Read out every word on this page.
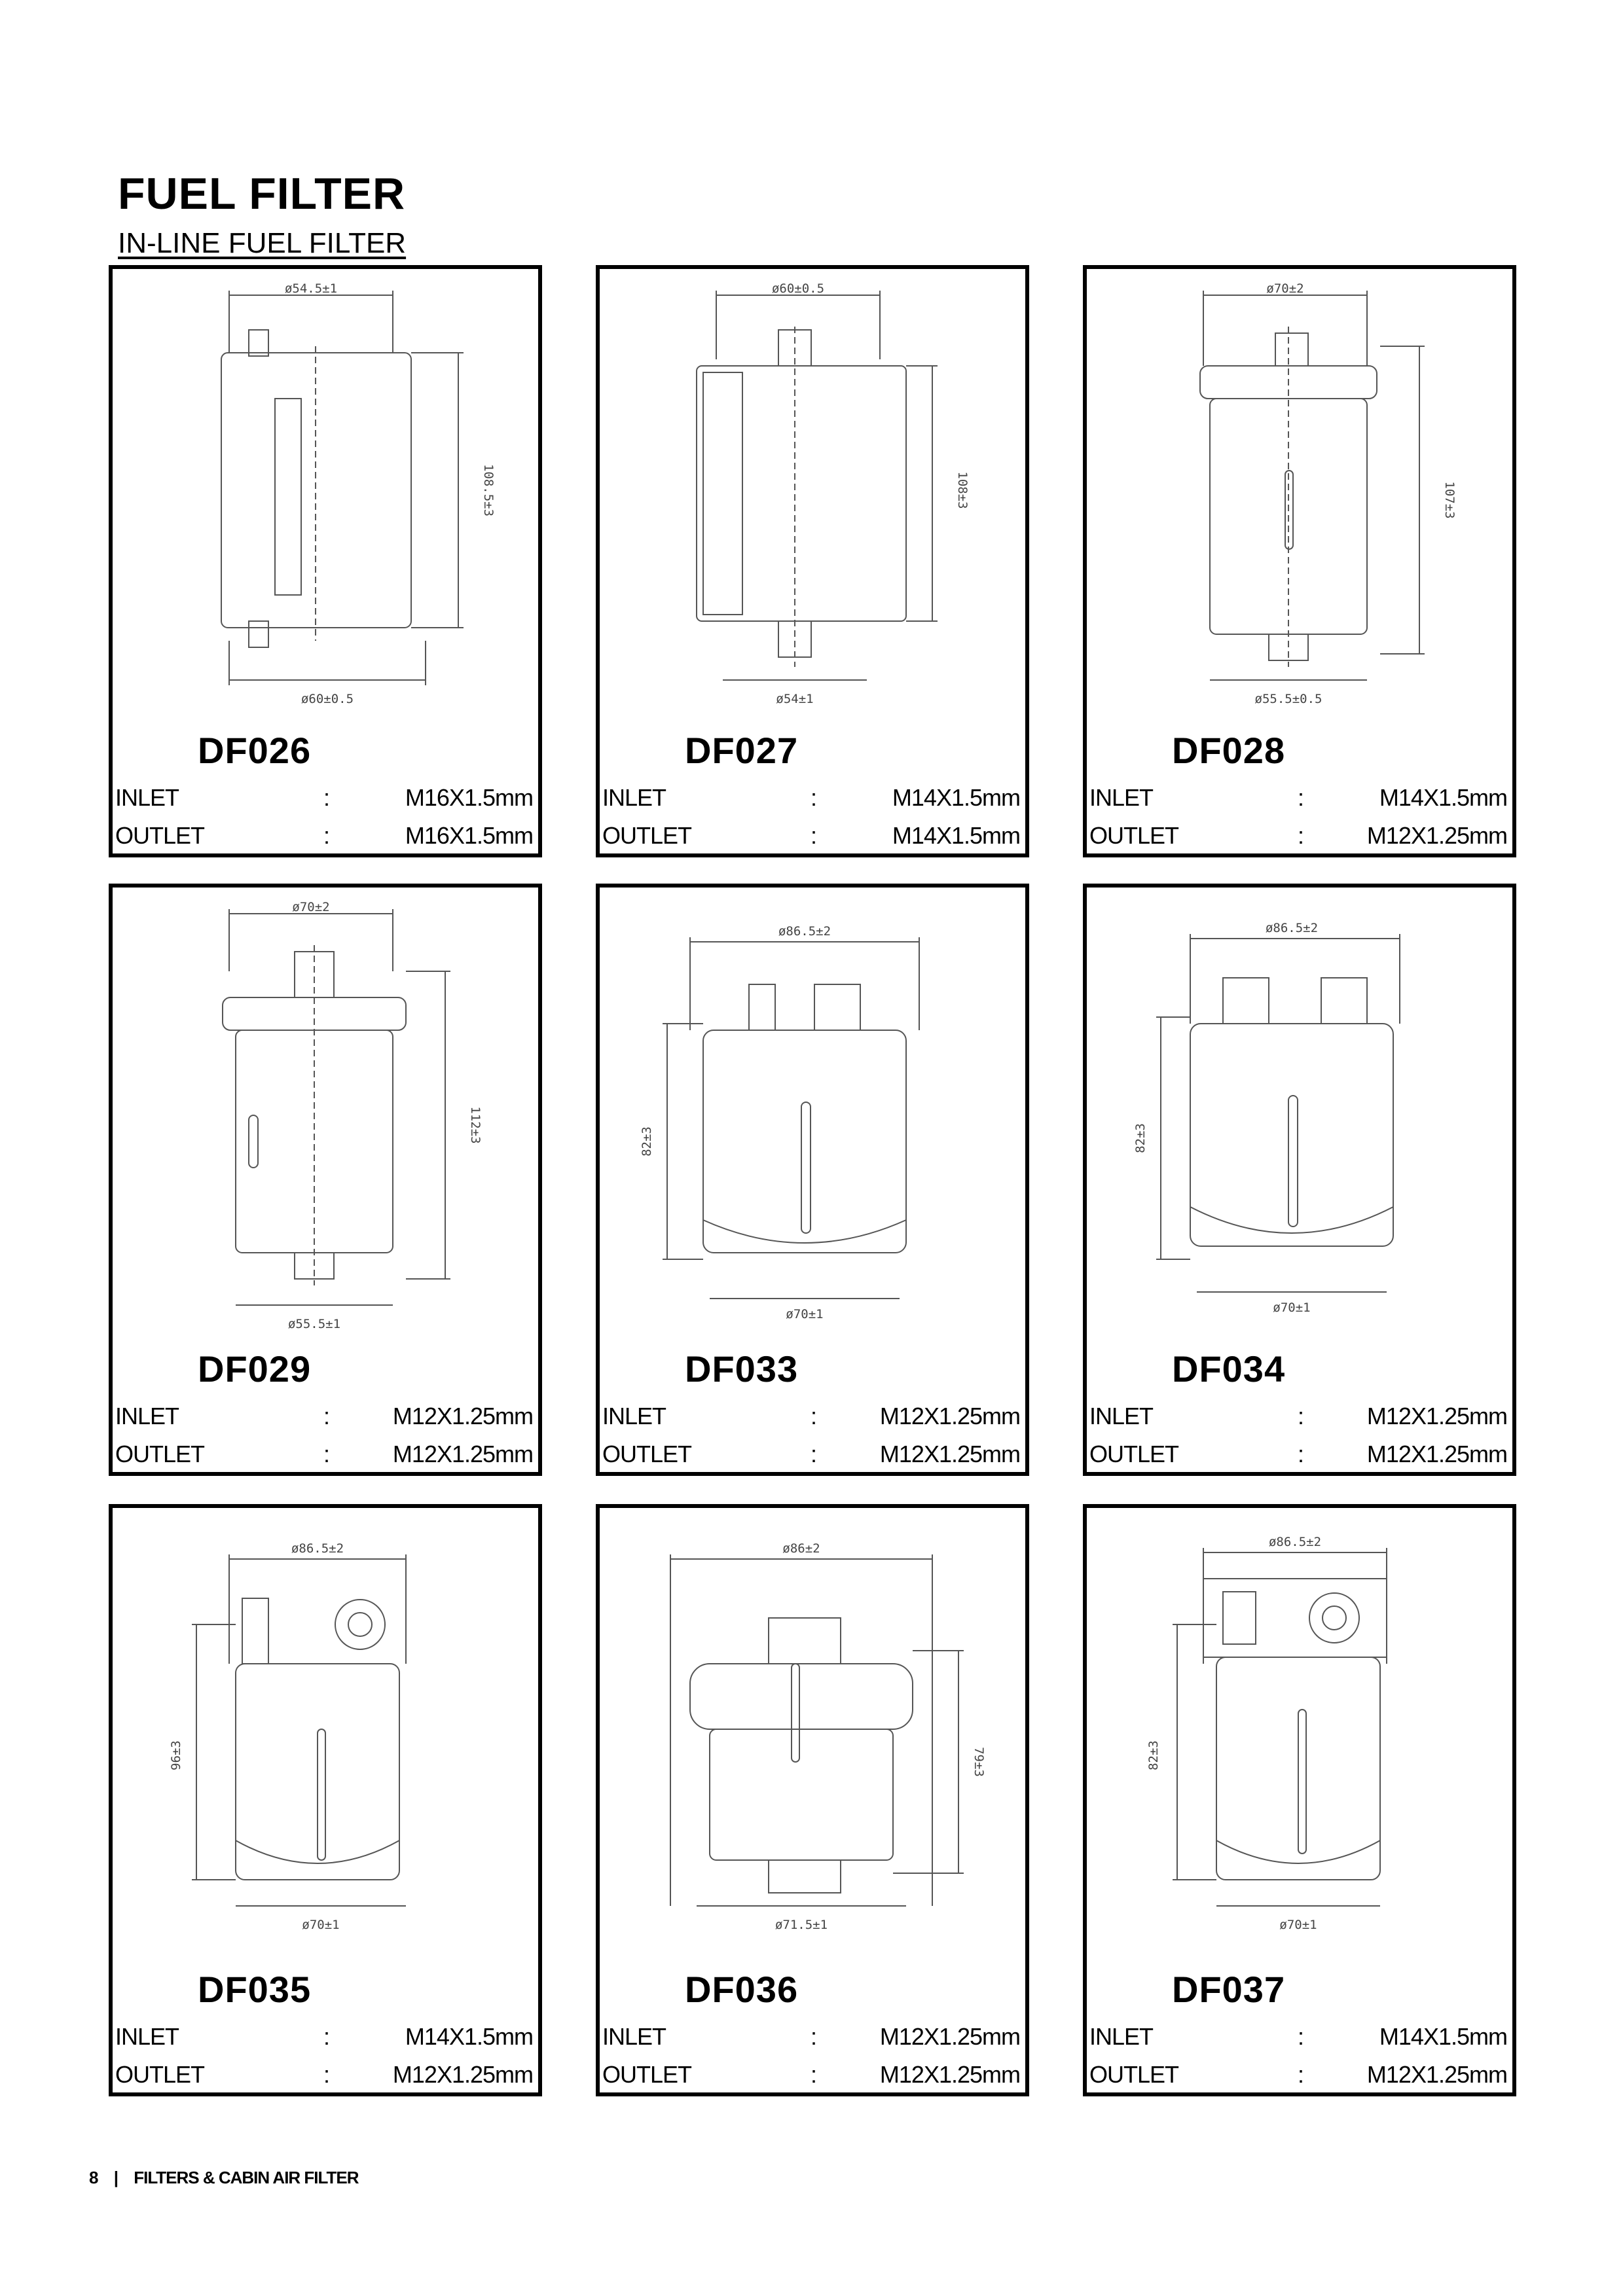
FUEL FILTER
IN-LINE FUEL FILTER
ø54.5±1
108.5±3
ø60±0.5
DF026
INLET	:	M16X1.5mm
OUTLET	:	M16X1.5mm
ø60±0.5
108±3
ø54±1
DF027
INLET	:	M14X1.5mm
OUTLET	:	M14X1.5mm
ø70±2
107±3
ø55.5±0.5
DF028
INLET	:	M14X1.5mm
OUTLET	:	M12X1.25mm
ø70±2
112±3
ø55.5±1
DF029
INLET	:	M12X1.25mm
OUTLET	:	M12X1.25mm
ø86.5±2
82±3
ø70±1
DF033
INLET	:	M12X1.25mm
OUTLET	:	M12X1.25mm
ø86.5±2
82±3
ø70±1
DF034
INLET	:	M12X1.25mm
OUTLET	:	M12X1.25mm
ø86.5±2
96±3
ø70±1
DF035
INLET	:	M14X1.5mm
OUTLET	:	M12X1.25mm
ø86±2
79±3
ø71.5±1
DF036
INLET	:	M12X1.25mm
OUTLET	:	M12X1.25mm
ø86.5±2
82±3
ø70±1
DF037
INLET	:	M14X1.5mm
OUTLET	:	M12X1.25mm
8 | FILTERS & CABIN AIR FILTER
